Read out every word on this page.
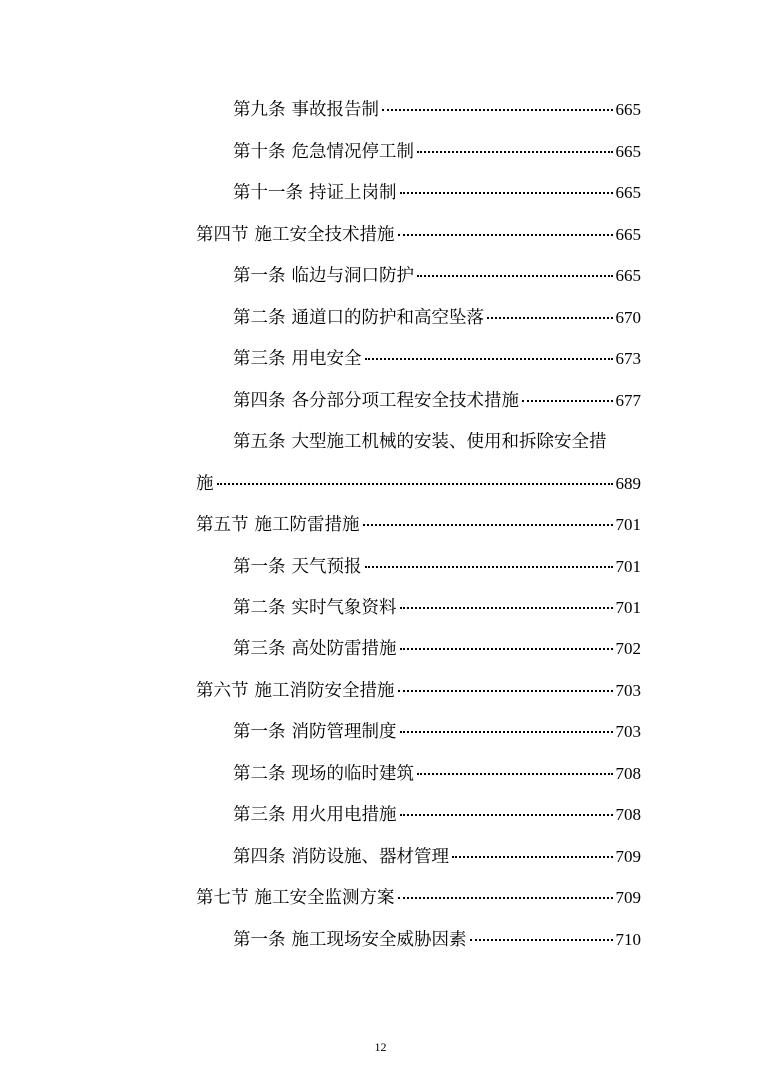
第九条 事故报告制	665
第十条 危急情况停工制	665
第十一条 持证上岗制	665
第四节 施工安全技术措施	665
第一条 临边与洞口防护	665
第二条 通道口的防护和高空坠落	670
第三条 用电安全	673
第四条 各分部分项工程安全技术措施	677
第五条 大型施工机械的安装、使用和拆除安全措
施	689
第五节 施工防雷措施	701
第一条 天气预报	701
第二条 实时气象资料	701
第三条 高处防雷措施	702
第六节 施工消防安全措施	703
第一条 消防管理制度	703
第二条 现场的临时建筑	708
第三条 用火用电措施	708
第四条 消防设施、器材管理	709
第七节 施工安全监测方案	709
第一条 施工现场安全威胁因素	710
12
